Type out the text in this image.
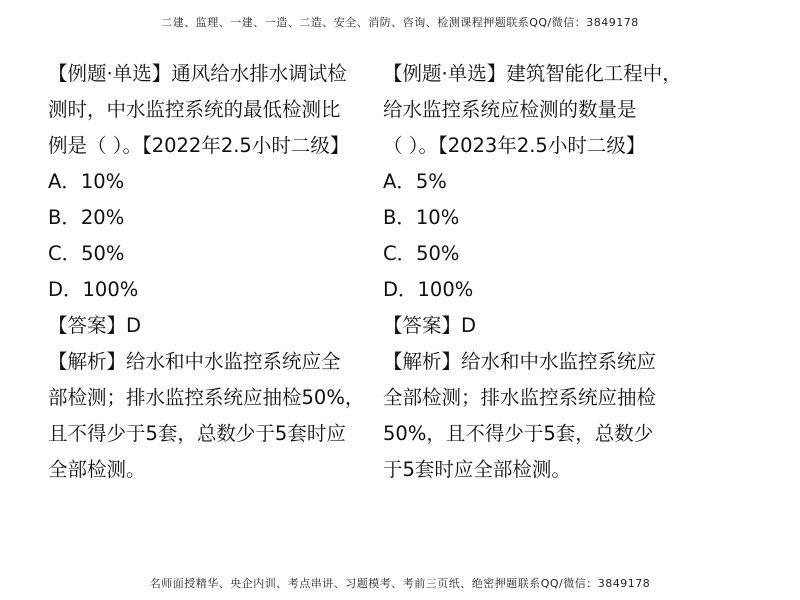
二建、监理、一建、一造、二造、安全、消防、咨询、检测课程押题联系QQ/微信：3849178
【例题·单选】通风给水排水调试检
测时，中水监控系统的最低检测比
例是（ ）。【2022年2.5小时二级】
A．10%
B．20%
C．50%
D．100%
【答案】D
【解析】给水和中水监控系统应全
部检测；排水监控系统应抽检50%，
且不得少于5套，总数少于5套时应
全部检测。
【例题·单选】建筑智能化工程中，
给水监控系统应检测的数量是
（ ）。【2023年2.5小时二级】
A．5%
B．10%
C．50%
D．100%
【答案】D
【解析】给水和中水监控系统应
全部检测；排水监控系统应抽检
50%，且不得少于5套，总数少
于5套时应全部检测。
名师面授精华、央企内训、考点串讲、习题模考、考前三页纸、绝密押题联系QQ/微信：3849178
